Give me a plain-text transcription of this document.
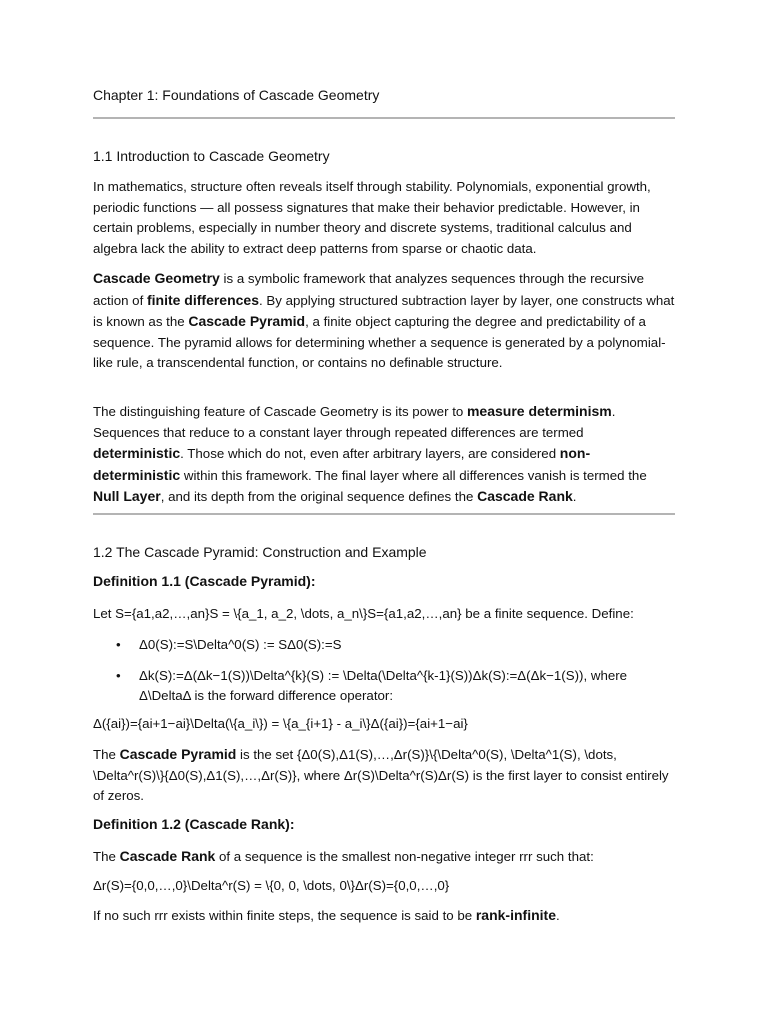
Chapter 1: Foundations of Cascade Geometry
1.1 Introduction to Cascade Geometry

In mathematics, structure often reveals itself through stability. Polynomials, exponential growth, periodic functions — all possess signatures that make their behavior predictable. However, in certain problems, especially in number theory and discrete systems, traditional calculus and algebra lack the ability to extract deep patterns from sparse or chaotic data.

Cascade Geometry is a symbolic framework that analyzes sequences through the recursive action of finite differences. By applying structured subtraction layer by layer, one constructs what is known as the Cascade Pyramid, a finite object capturing the degree and predictability of a sequence. The pyramid allows for determining whether a sequence is generated by a polynomial-like rule, a transcendental function, or contains no definable structure.

The distinguishing feature of Cascade Geometry is its power to measure determinism. Sequences that reduce to a constant layer through repeated differences are termed deterministic. Those which do not, even after arbitrary layers, are considered non-deterministic within this framework. The final layer where all differences vanish is termed the Null Layer, and its depth from the original sequence defines the Cascade Rank.

1.2 The Cascade Pyramid: Construction and Example
Definition 1.1 (Cascade Pyramid):

Let S={a1,a2,…,an}S = \{a_1, a_2, \dots, a_n\}S={a1,a2,…,an} be a finite sequence. Define:

• Δ0(S):=S\Delta^0(S) := SΔ0(S):=S
• Δk(S):=Δ(Δk−1(S))\Delta^{k}(S) := \Delta(\Delta^{k-1}(S))Δk(S):=Δ(Δk−1(S)), where Δ\DeltaΔ is the forward difference operator:

Δ({ai})={ai+1−ai}\Delta(\{a_i\}) = \{a_{i+1} - a_i\}Δ({ai})={ai+1−ai}

The Cascade Pyramid is the set {Δ0(S),Δ1(S),…,Δr(S)}\{\Delta^0(S), \Delta^1(S), \dots, \Delta^r(S)\}{Δ0(S),Δ1(S),…,Δr(S)}, where Δr(S)\Delta^r(S)Δr(S) is the first layer to consist entirely of zeros.

Definition 1.2 (Cascade Rank):

The Cascade Rank of a sequence is the smallest non-negative integer rrr such that:

Δr(S)={0,0,…,0}\Delta^r(S) = \{0, 0, \dots, 0\}Δr(S)={0,0,…,0}

If no such rrr exists within finite steps, the sequence is said to be rank-infinite.
